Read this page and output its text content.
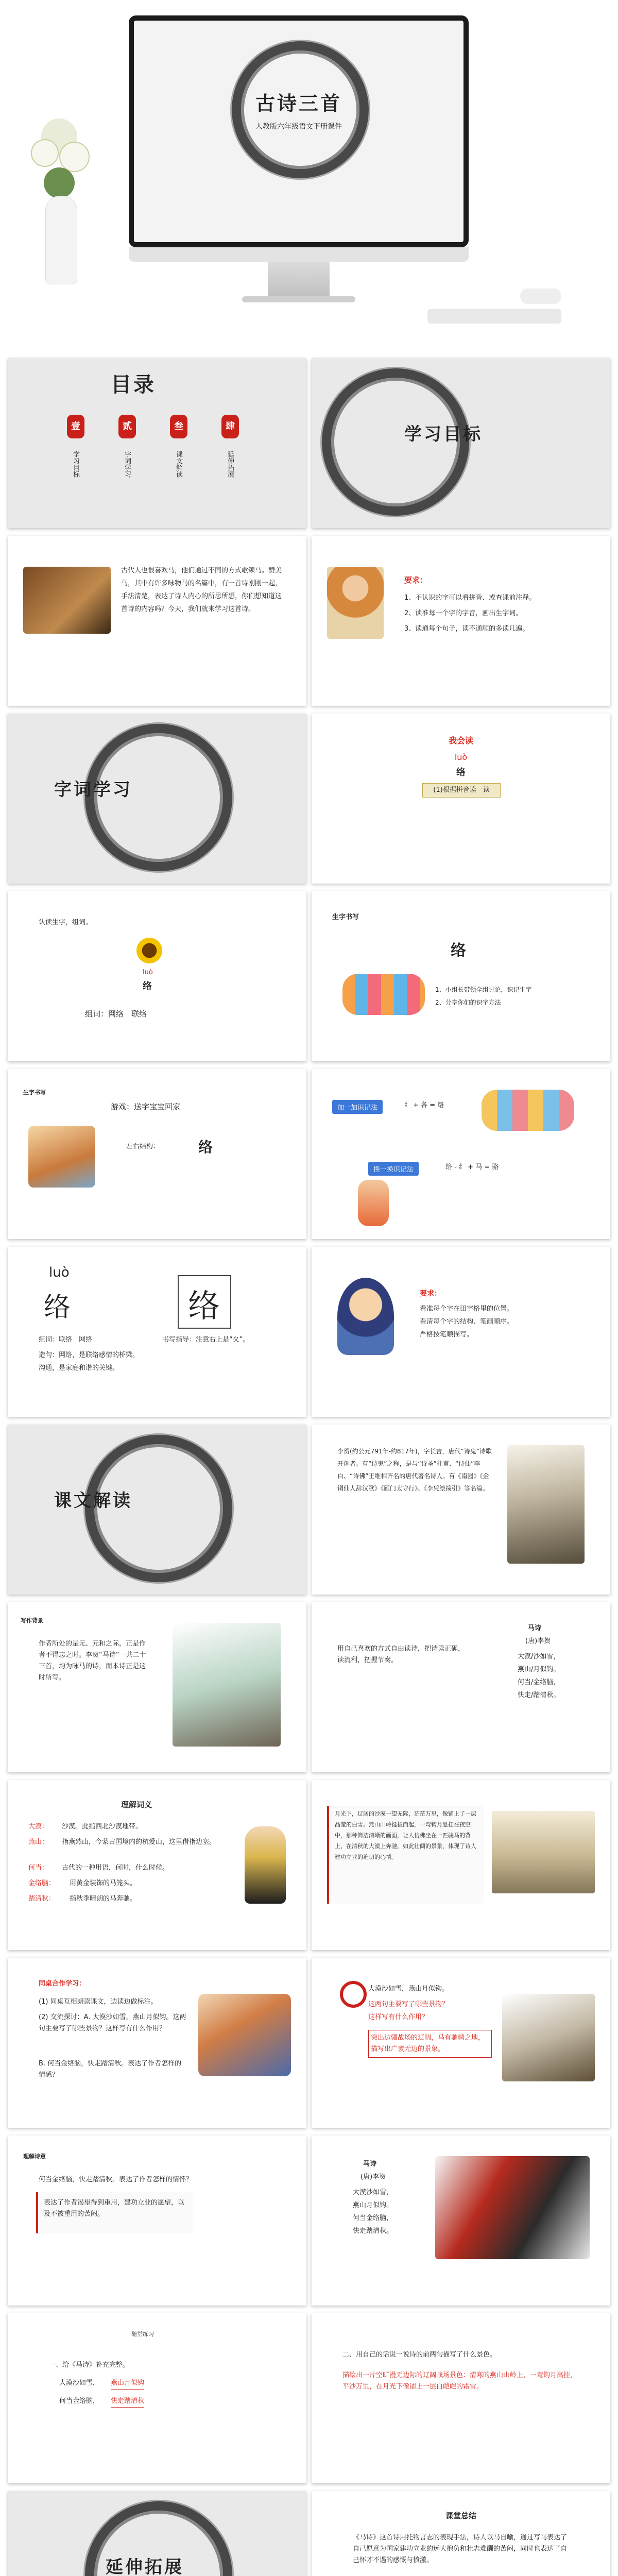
古诗三首
人教版六年级语文下册课件
目录
壹	贰	叁	肆
学习目标	字词学习	课文解读	延伸拓展
学习目标
古代人也很喜欢马，他们通过不同的方式歌颂马。赞美马，其中有许多咏物马的名篇中，有一首诗刚刚一起，手法清楚，表达了诗人内心的所思所想，你们想知道这首诗的内容吗？今天，我们就来学习这首诗。
要求：
1、不认识的字可以看拼音、或查课前注释。
2、读准每一个字的字音，画出生字词。
3、读通每个句子，读不通顺的多读几遍。
字词学习
我会读
luò
络
(1)根据拼音读一读
认读生字，组词。
luò
络
组词：网络　联络
生字书写
络
1、小组长带领全组讨论，识记生字
2、分享你们的识字方法
生字书写
游戏：送字宝宝回家
左右结构：	络
加一加识记法	纟 + 各 = 络
换一换识记法	络 - 纟 + 马 = 骆
luò
络	络
组词：联络　网络	书写指导：注意右上是“夂”。
造句：网络，是联络感情的桥梁。
沟通，是家庭和谐的关键。
要求：
看准每个字在田字格里的位置。
看清每个字的结构、笔画顺序。
严格按笔顺描写。
课文解读
李贺(约公元791年-约817年)，字长吉，唐代“诗鬼”诗歌开创者。有“诗鬼”之称，是与“诗圣”杜甫、“诗仙”李白、“诗佛”王维相齐名的唐代著名诗人。有《南园》《金铜仙人辞汉歌》《雁门太守行》、《李凭箜篌引》等名篇。
写作背景
作者所处的是元、元和之际，正是作者不得志之时。李贺“马诗”一共二十三首，均为咏马的诗，而本诗正是这时所写。
用自己喜欢的方式自由读诗，把诗读正确，读流利，把握节奏。
马诗
(唐)李贺
大漠/沙如雪，
燕山/月似钩。
何当/金络脑，
快走/踏清秋。
理解词义
大漠： 沙漠。此指西北沙漠地带。
燕山： 指燕然山，今蒙古国境内的杭爱山，这里借指边塞。
何当： 古代的一种用语，何时，什么时候。
金络脑： 用黄金装饰的马笼头。
踏清秋： 指秋季晴朗的马奔驰。
月光下，辽阔的沙漠一望无际，茫茫万里，像铺上了一层晶莹的白雪。燕山山岭挺拔而起，一弯钩月悬挂在夜空中，那种简洁清晰的画面，让人仿佛坐在一匹骏马的背上，在清秋的大漠上奔驰，如此壮阔的景象，体现了诗人建功立业的迫切的心情。
同桌合作学习：
(1) 同桌互相朗读课文，边读边做标注。
(2) 交流探讨：A. 大漠沙如雪，燕山月似钩。这两句主要写了哪些景物？这样写有什么作用？
B. 何当金络脑，快走踏清秋。表达了作者怎样的情感？
大漠沙如雪，燕山月似钩。
这两句主要写了哪些景物？
这样写有什么作用？
突出边疆战场的辽阔，马有驰骋之地，描写出广袤无边的景象。
理解诗意
何当金络脑，快走踏清秋。表达了作者怎样的情怀？
表达了作者渴望得到重用，建功立业的愿望，以及不被重用的苦闷。
马诗
(唐)李贺
大漠沙如雪，
燕山月似钩。
何当金络脑，
快走踏清秋。
随堂练习
一、给《马诗》补充完整。
大漠沙如雪， 燕山月似钩
何当金络脑， 快走踏清秋
二、用自己的话说一说诗的前两句描写了什么景色。
描绘出一片空旷漫无边际的辽阔战场景色：清寒的燕山山岭上，一弯钩月高挂，平沙万里，在月光下像铺上一层白皑皑的霜雪。
延伸拓展
课堂总结
《马诗》这首诗用托物言志的表现手法，诗人以马自喻，通过写马表达了自己愿意为国家建功立业的远大抱负和壮志难酬的苦闷，同时也表达了自己怀才不遇的感慨与愤激。
